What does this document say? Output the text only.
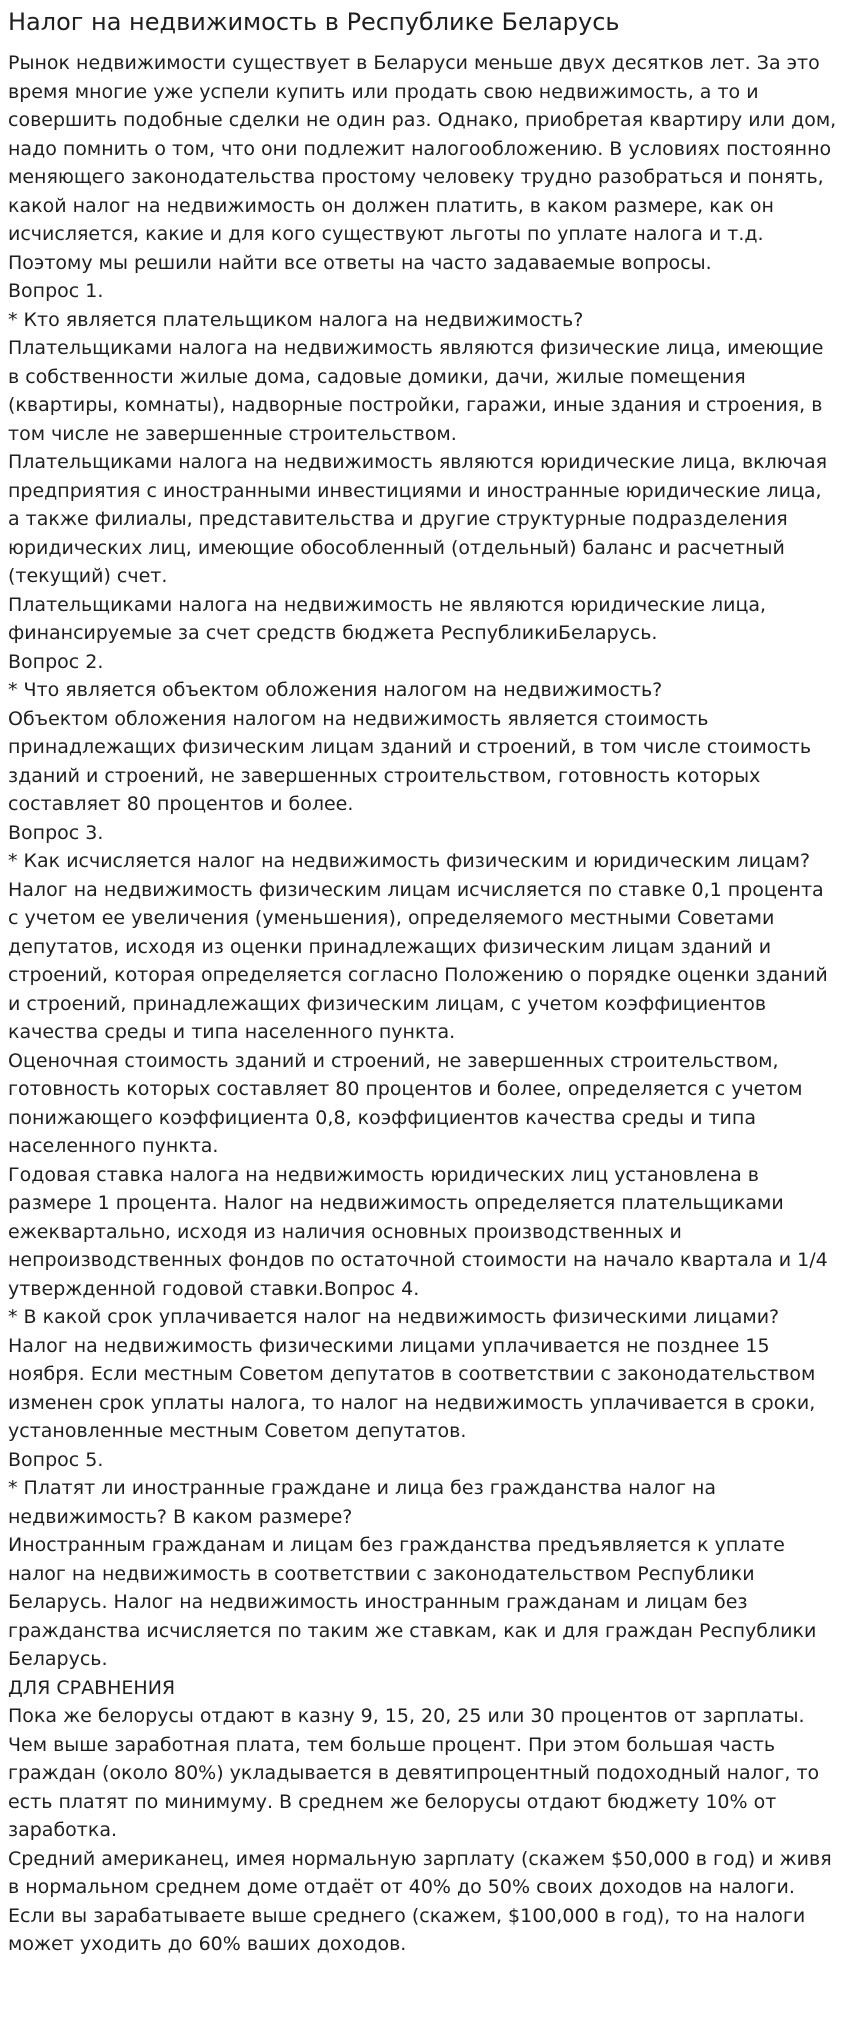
Налог на недвижимость в Республике Беларусь

Рынок недвижимости существует в Беларуси меньше двух десятков лет. За это время многие уже успели купить или продать свою недвижимость, а то и совершить подобные сделки не один раз. Однако, приобретая квартиру или дом, надо помнить о том, что они подлежит налогообложению. В условиях постоянно меняющего законодательства простому человеку трудно разобраться и понять, какой налог на недвижимость он должен платить, в каком размере, как он исчисляется, какие и для кого существуют льготы по уплате налога и т.д. Поэтому мы решили найти все ответы на часто задаваемые вопросы.

Вопрос 1.

* Кто является плательщиком налога на недвижимость?

Плательщиками налога на недвижимость являются физические лица, имеющие в собственности жилые дома, садовые домики, дачи, жилые помещения (квартиры, комнаты), надворные постройки, гаражи, иные здания и строения, в том числе не завершенные строительством.

Плательщиками налога на недвижимость являются юридические лица, включая предприятия с иностранными инвестициями и иностранные юридические лица, а также филиалы, представительства и другие структурные подразделения юридических лиц, имеющие обособленный (отдельный) баланс и расчетный (текущий) счет.

Плательщиками налога на недвижимость не являются юридические лица, финансируемые за счет средств бюджета РеспубликиБеларусь.

Вопрос 2.

* Что является объектом обложения налогом на недвижимость?

Объектом обложения налогом на недвижимость является стоимость принадлежащих физическим лицам зданий и строений, в том числе стоимость зданий и строений, не завершенных строительством, готовность которых составляет 80 процентов и более.

Вопрос 3.

* Как исчисляется налог на недвижимость физическим и юридическим лицам?

Налог на недвижимость физическим лицам исчисляется по ставке 0,1 процента с учетом ее увеличения (уменьшения), определяемого местными Советами депутатов, исходя из оценки принадлежащих физическим лицам зданий и строений, которая определяется согласно Положению о порядке оценки зданий и строений, принадлежащих физическим лицам, с учетом коэффициентов качества среды и типа населенного пункта.

Оценочная стоимость зданий и строений, не завершенных строительством, готовность которых составляет 80 процентов и более, определяется с учетом понижающего коэффициента 0,8, коэффициентов качества среды и типа населенного пункта.

Годовая ставка налога на недвижимость юридических лиц установлена в размере 1 процента. Налог на недвижимость определяется плательщиками ежеквартально, исходя из наличия основных производственных и непроизводственных фондов по остаточной стоимости на начало квартала и 1/4 утвержденной годовой ставки.Вопрос 4.

* В какой срок уплачивается налог на недвижимость физическими лицами?

Налог на недвижимость физическими лицами уплачивается не позднее 15 ноября. Если местным Советом депутатов в соответствии с законодательством изменен срок уплаты налога, то налог на недвижимость уплачивается в сроки, установленные местным Советом депутатов.

Вопрос 5.

* Платят ли иностранные граждане и лица без гражданства налог на недвижимость? В каком размере?

Иностранным гражданам и лицам без гражданства предъявляется к уплате налог на недвижимость в соответствии с законодательством Республики Беларусь. Налог на недвижимость иностранным гражданам и лицам без гражданства исчисляется по таким же ставкам, как и для граждан Республики Беларусь.

ДЛЯ СРАВНЕНИЯ

Пока же белорусы отдают в казну 9, 15, 20, 25 или 30 процентов от зарплаты. Чем выше заработная плата, тем больше процент. При этом большая часть граждан (около 80%) укладывается в девятипроцентный подоходный налог, то есть платят по минимуму. В среднем же белорусы отдают бюджету 10% от заработка.

Средний американец, имея нормальную зарплату (скажем $50,000 в год) и живя в нормальном среднем доме отдаёт от 40% до 50% своих доходов на налоги. Если вы зарабатываете выше среднего (скажем, $100,000 в год), то на налоги может уходить до 60% ваших доходов.
